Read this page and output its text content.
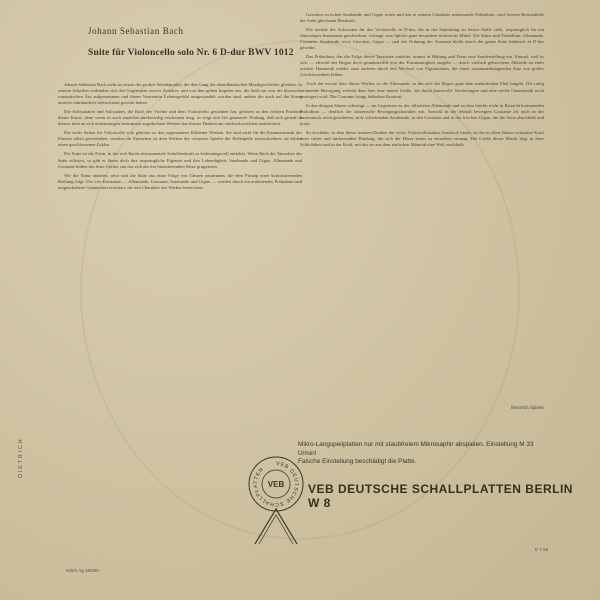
Johann Sebastian Bach
Suite für Violoncello solo Nr. 6 D-dur BWV 1012

Johann Sebastian Bach steht an einem der großen Wendepunkte, die den Gang der abendländischen Musikgeschichte gliedern. In seinem Schaffen verbinden sich die Gegensätze zweier Zeitalter, und von ihm geben Impulse aus, die bald nur von der klassisch-romantischen Ära aufgenommen und ihrem Vertreterin Lebensgefühl umgewandelt worden sind, andere die auch auf die Kunst unseres Jahrhunderts befruchtend gewirkt haben.

Die Solosonaten und Solosuiten, die Bach der Violine und dem Violoncello gewidmet hat, gehören zu den reifsten Früchten dieser Kunst, denn wenn es auch zunächst merkwürdig erscheinen mag, so zeigt sich bei genauerer Prüfung, daß sich gerade in diesen, dem an sich einstimmigen Instrument zugedachten Werken das lineare Denken am eindrucksvollsten manifestiert.

Die sechs Suiten für Violoncello solo gehören zu den sogenannten Köthener Werken. Sie sind nicht für die Kammermusik des Fürsten allein geschrieben, sondern ihr Entstehen ist dem Wirken der virtuosen Spieler der Hofkapelle zuzuschreiben; sie bilden einen geschlossenen Zyklus.

Die Suite ist die Form, in der sich Bachs instrumentale Schaffenskraft so bedeutungsvoll entfaltet. Wenn Bach die Tanzsätze der Suite stilisiert, so gibt er ihnen doch ihre ursprüngliche Eigenart und ihre Lebendigkeit. Sarabande und Gigue, Allemande und Courante bilden das feste Gerüst, um das sich die frei hinzutretenden Sätze gruppieren.

Wir die Natur anderen, setzt sich die Suite aus einer Folge von Tänzen zusammen, die dem Prinzip einer kontrastierenden Reihung folgt. Die vier Kernsätze — Allemande, Courante, Sarabande und Gigue — werden durch ein einleitendes Präludium und eingeschobene Galanterien erweitert, die den Charakter des Werkes bereichern.

Gavotten zwischen Sarabande und Gigue treten und das in seinem Charakter umfassende Präludium, sind freieste Bestandteile der Suite gleichsam Herzkraft.

Die sechste der Solosuiten für das Violoncello in D-dur, die in der Sammlung an letzter Stelle steht, ursprünglich für ein fünfsaitiges Instrument geschrieben, verlangt vom Spieler ganz besondere technische Mittel. Die Sätze sind Präludium, Allemande, Courante, Sarabande, zwei Gavotten, Gigue — und die Ordnung der Tonarten bleibt durch die ganze Suite hindurch in D-dur gewahrt.

Das Präludium, das die Folge dieser Tanzsätze einleitet, nimmt in Haltung und Form eine Sonderstellung ein. Einmal, weil es sich — obwohl der Bogen doch grundsätzlich von der Einstimmigkeit ausgeht — durch vielfach gebrochene Akkorde zu einer reichen Harmonik erhebt; zum anderen durch den Wechsel von Figurationen, die einen zusammenhängenden Satz von großer Geschlossenheit bilden.

Auch der zweite Satz dieses Werkes ist die Allemande, in der sich der Bogen ganz dem melodischen Fluß hingibt. Die ruhig strömende Bewegung verleiht dem Satz eine innere Größe, die durch kunstvolle Verzierungen und eine reiche Ornamentik noch gesteigert wird. Die Courante bringt lebhaften Kontrast.

In den übrigen Sätzen schwingt — im Gegensatz zu der stilisierten Allemande und zu dem hierfür nicht in Betracht kommenden Präludium — deutlich der tänzerische Bewegungscharakter mit. Sowohl in der lebhaft bewegten Courante als auch in der harmonisch reich gestalteten, stolz schreitenden Sarabande, in den Gavotten und in der frischen Gigue, die die Suite abschließt und krönt.

So erscheint, in dem dieser inneren Denken der sechs Violoncellosuiten Ausdruck findet, ist die in allen Sätzen wirksame Kraft einer tiefen und umfassenden Bindung, der sich der Hörer kaum zu entziehen vermag. Die Größe dieser Musik liegt in ihrer Schlichtheit und in der Kraft, mit der sie aus dem einfachen Material eine Welt erschließt.

Heinrich Spieler
Mikro-Langspielplatten nur mit staubfreiem Mikrosaphir abspielen. Einstellung M 33 U/min!
Falsche Einstellung beschädigt die Platte.
VEB DEUTSCHE SCHALLPLATTEN
VEB VEB DEUTSCHE SCHALLPLATTEN BERLIN W 8
DIETRICH
III/9/1 Ag 183/60
E 7-56
